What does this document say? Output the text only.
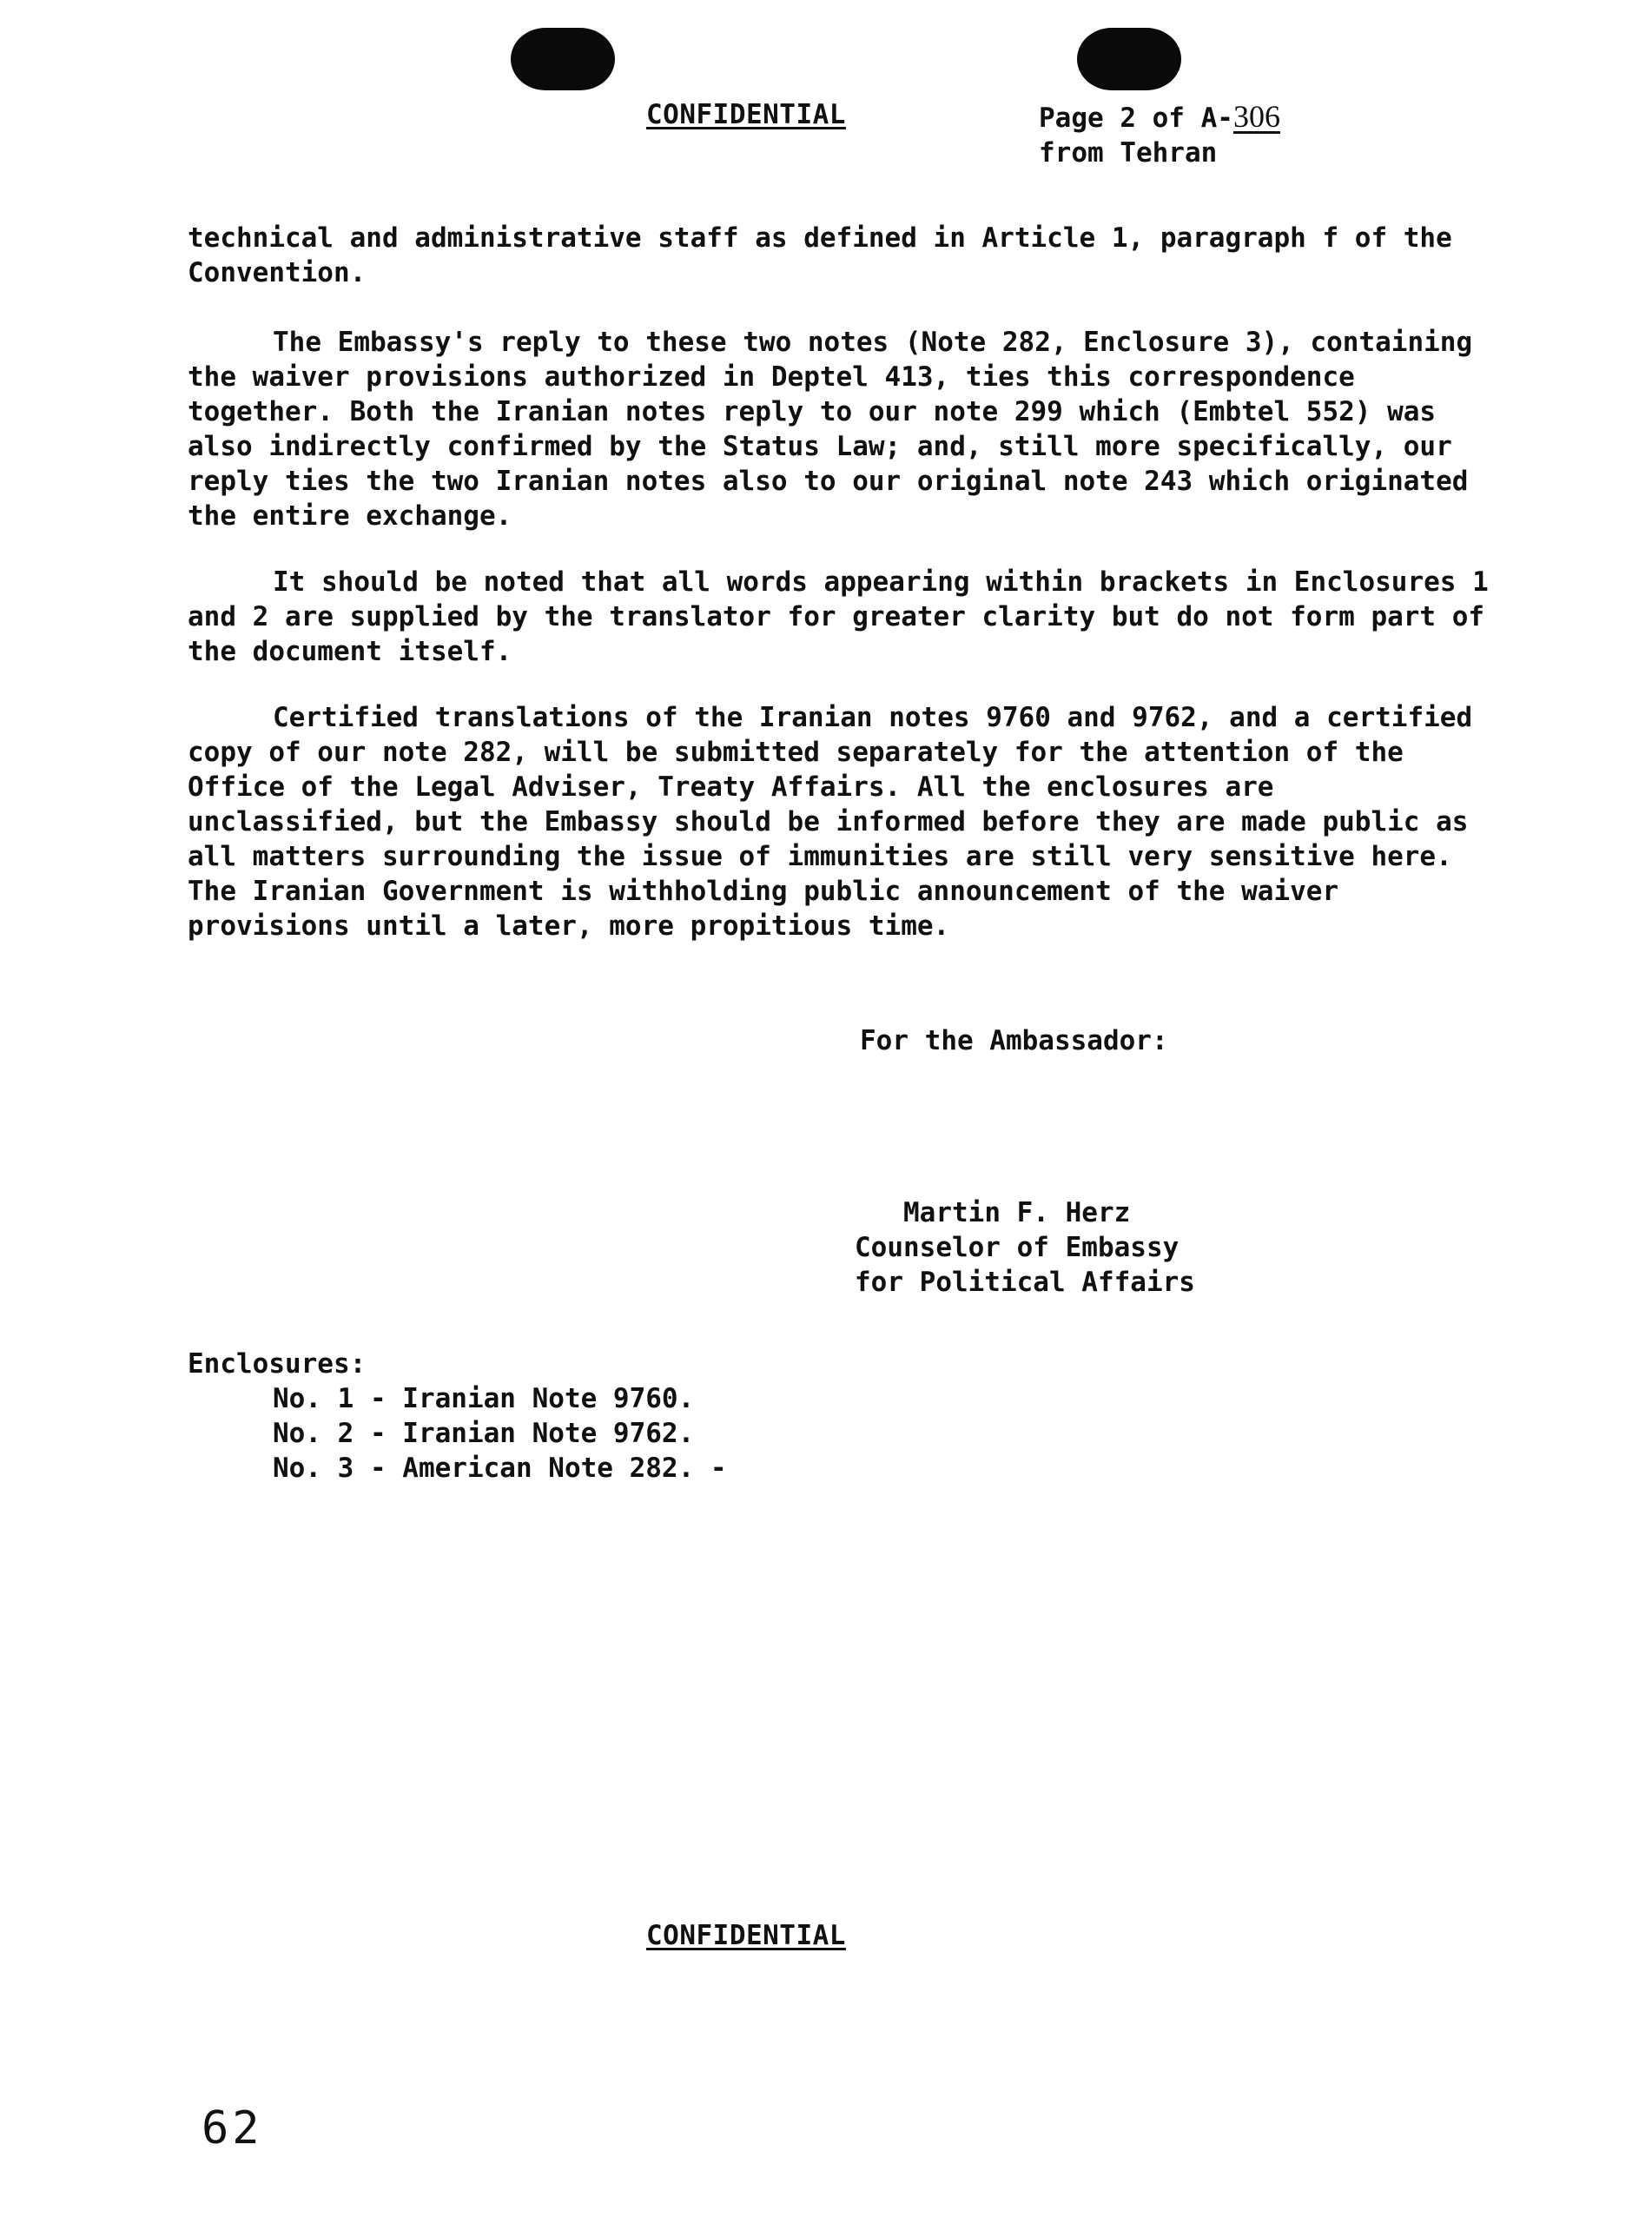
CONFIDENTIAL	Page 2 of A-306
from Tehran

technical and administrative staff as defined in Article 1, paragraph f of the Convention.

The Embassy's reply to these two notes (Note 282, Enclosure 3), containing the waiver provisions authorized in Deptel 413, ties this correspondence together. Both the Iranian notes reply to our note 299 which (Embtel 552) was also indirectly confirmed by the Status Law; and, still more specifically, our reply ties the two Iranian notes also to our original note 243 which originated the entire exchange.

It should be noted that all words appearing within brackets in Enclosures 1 and 2 are supplied by the translator for greater clarity but do not form part of the document itself.

Certified translations of the Iranian notes 9760 and 9762, and a certified copy of our note 282, will be submitted separately for the attention of the Office of the Legal Adviser, Treaty Affairs. All the enclosures are unclassified, but the Embassy should be informed before they are made public as all matters surrounding the issue of immunities are still very sensitive here. The Iranian Government is withholding public announcement of the waiver provisions until a later, more propitious time.

For the Ambassador:
Martin F. Herz
Counselor of Embassy
for Political Affairs
Enclosures:
No. 1 - Iranian Note 9760.
No. 2 - Iranian Note 9762.
No. 3 - American Note 282. -
CONFIDENTIAL
62
